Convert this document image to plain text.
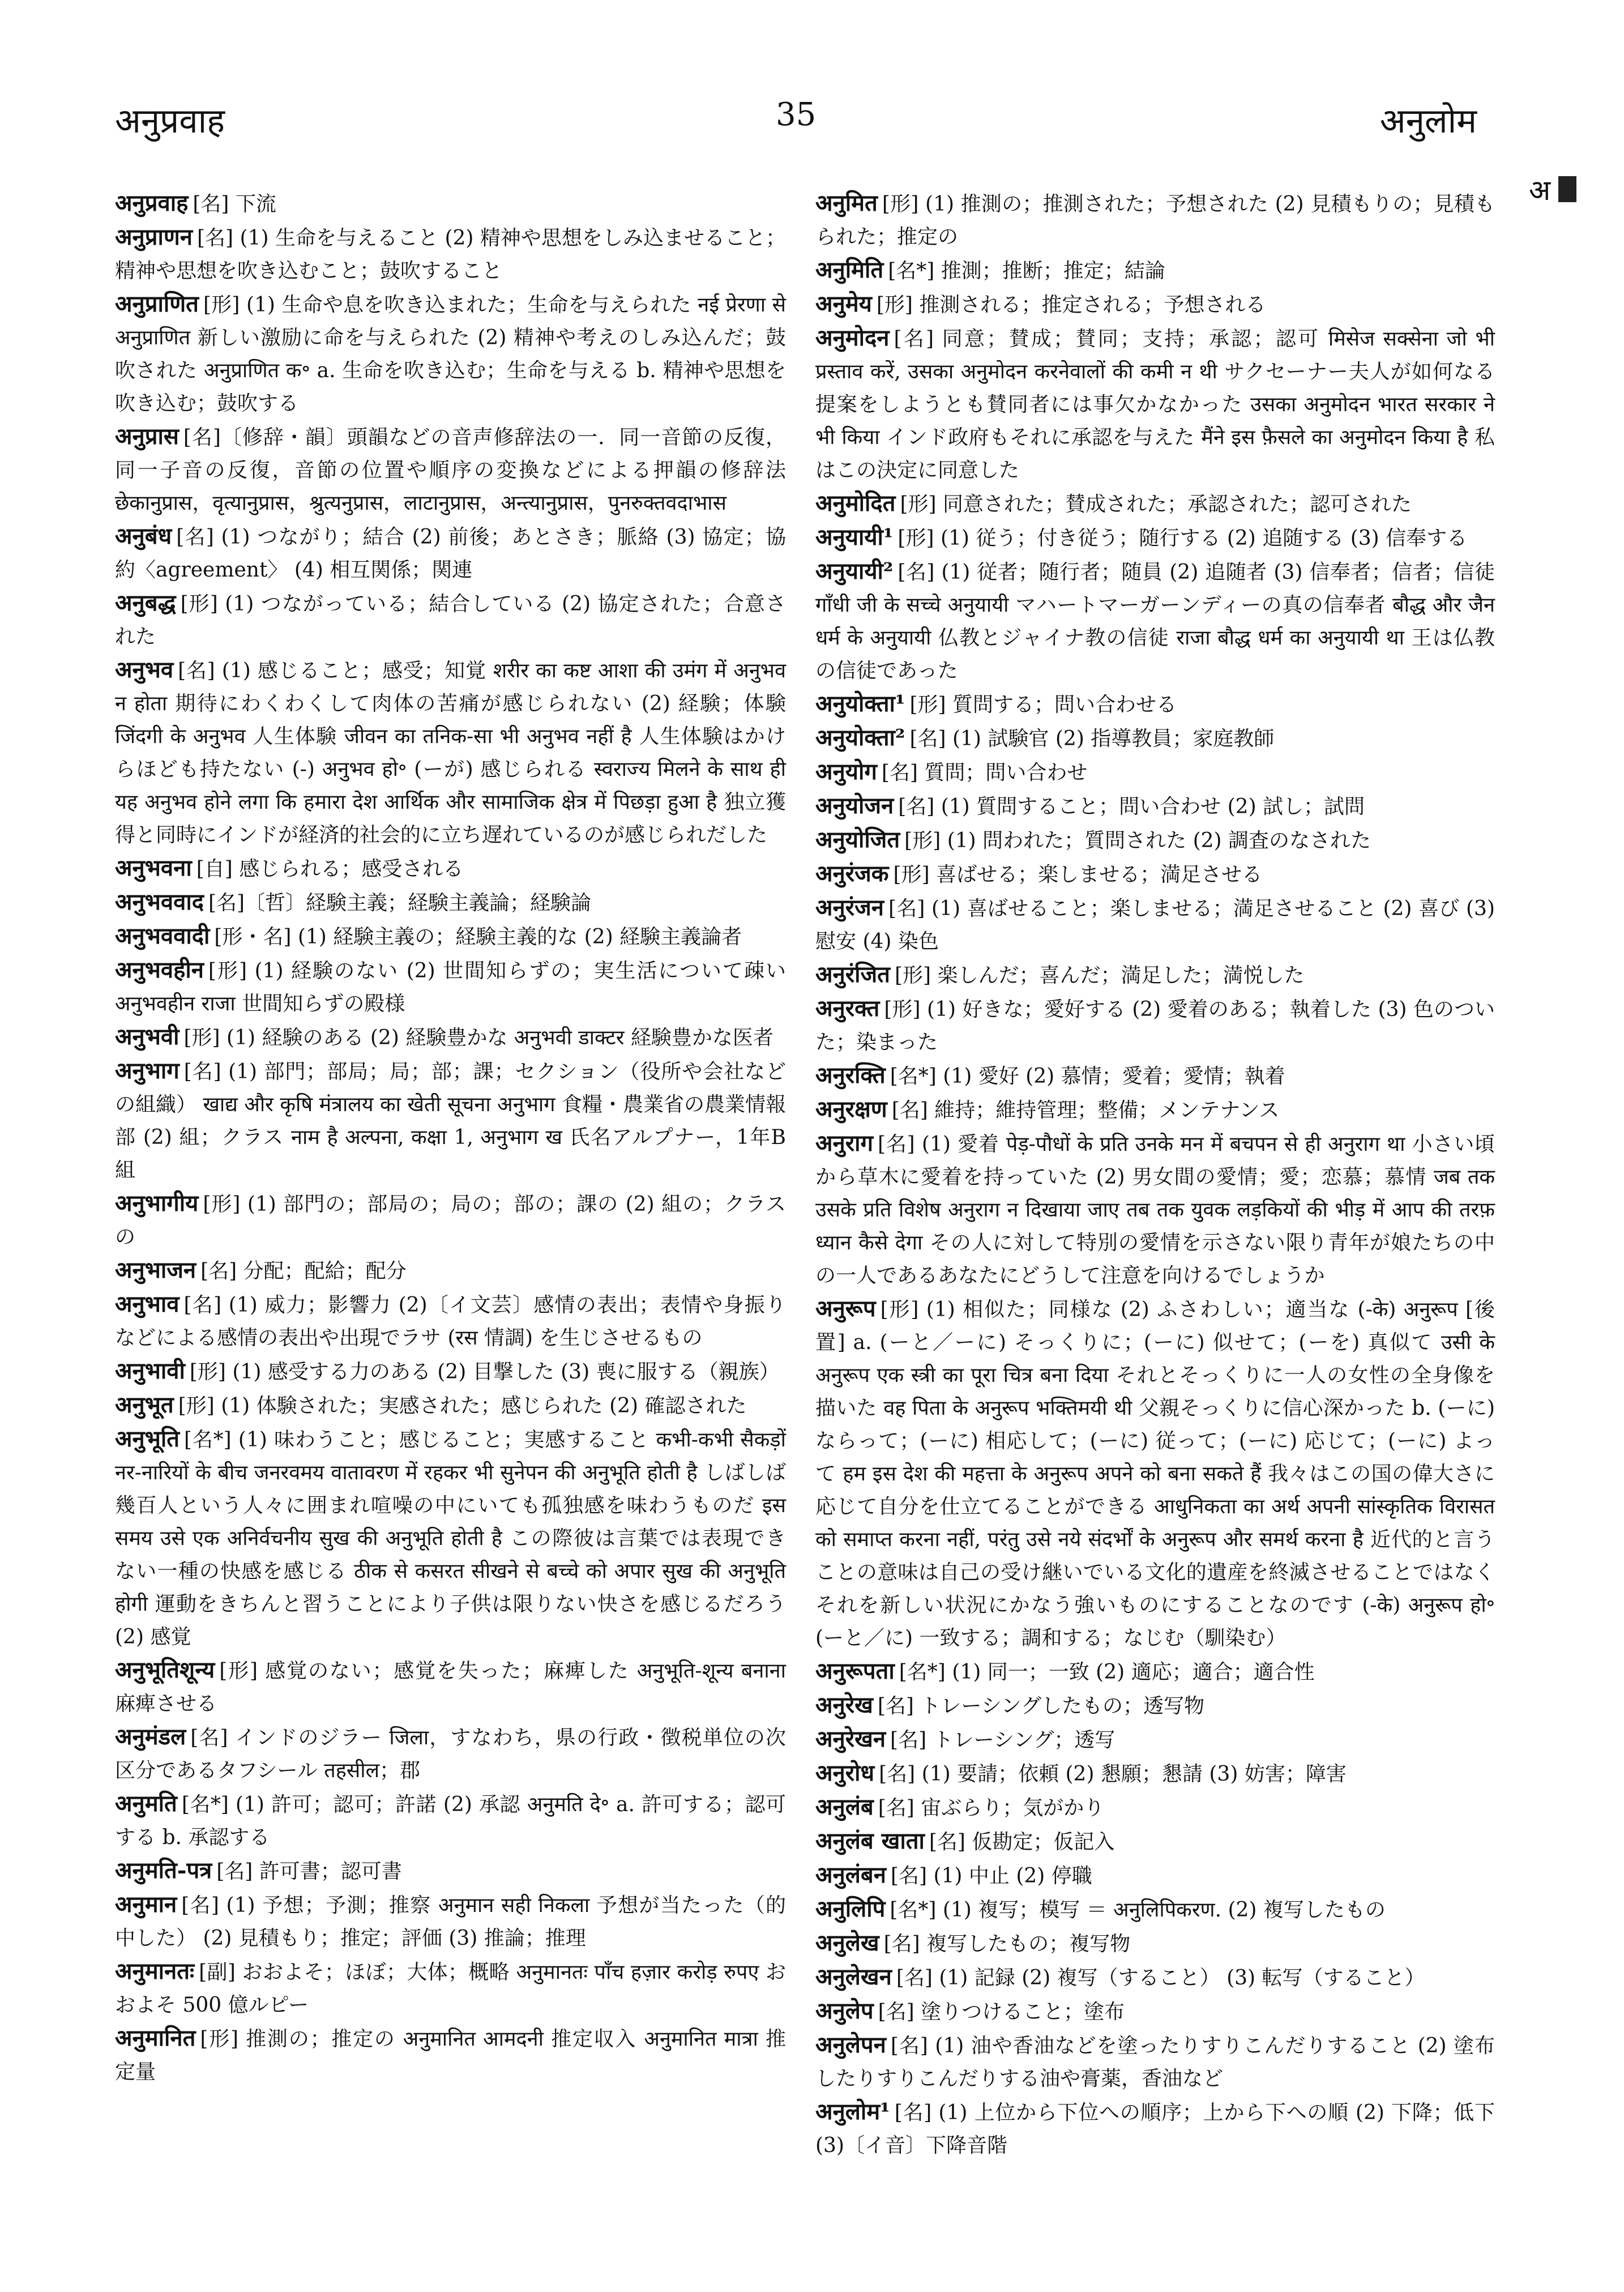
अनुप्रवाह	35	अनुलोम
अ

अनुप्रवाह [名] 下流

अनुप्राणन [名] (1) 生命を与えること (2) 精神や思想をしみ込ませること；精神や思想を吹き込むこと；鼓吹すること

अनुप्राणित [形] (1) 生命や息を吹き込まれた；生命を与えられた नई प्रेरणा से अनुप्राणित 新しい激励に命を与えられた (2) 精神や考えのしみ込んだ；鼓吹された अनुप्राणित क॰ a. 生命を吹き込む；生命を与える b. 精神や思想を吹き込む；鼓吹する

अनुप्रास [名]〔修辞・韻〕頭韻などの音声修辞法の一．同一音節の反復，同一子音の反復，音節の位置や順序の変換などによる押韻の修辞法 छेकानुप्रास，वृत्यानुप्रास，श्रुत्यनुप्रास，लाटानुप्रास，अन्त्यानुप्रास，पुनरुक्तवदाभास

अनुबंध [名] (1) つながり；結合 (2) 前後；あとさき；脈絡 (3) 協定；協約〈agreement〉 (4) 相互関係；関連

अनुबद्ध [形] (1) つながっている；結合している (2) 協定された；合意された

अनुभव [名] (1) 感じること；感受；知覚 शरीर का कष्ट आशा की उमंग में अनुभव न होता 期待にわくわくして肉体の苦痛が感じられない (2) 経験；体験 जिंदगी के अनुभव 人生体験 जीवन का तनिक-सा भी अनुभव नहीं है 人生体験はかけらほども持たない (-) अनुभव हो॰ (ーが) 感じられる स्वराज्य मिलने के साथ ही यह अनुभव होने लगा कि हमारा देश आर्थिक और सामाजिक क्षेत्र में पिछड़ा हुआ है 独立獲得と同時にインドが経済的社会的に立ち遅れているのが感じられだした

अनुभवना [自] 感じられる；感受される

अनुभववाद [名]〔哲〕経験主義；経験主義論；経験論

अनुभववादी [形・名] (1) 経験主義の；経験主義的な (2) 経験主義論者

अनुभवहीन [形] (1) 経験のない (2) 世間知らずの；実生活について疎い अनुभवहीन राजा 世間知らずの殿様

अनुभवी [形] (1) 経験のある (2) 経験豊かな अनुभवी डाक्टर 経験豊かな医者

अनुभाग [名] (1) 部門；部局；局；部；課；セクション（役所や会社などの組織） खाद्य और कृषि मंत्रालय का खेती सूचना अनुभाग 食糧・農業省の農業情報部 (2) 組；クラス नाम है अल्पना, कक्षा 1, अनुभाग ख 氏名アルプナー，1年B組

अनुभागीय [形] (1) 部門の；部局の；局の；部の；課の (2) 組の；クラスの

अनुभाजन [名] 分配；配給；配分

अनुभाव [名] (1) 威力；影響力 (2)〔イ文芸〕感情の表出；表情や身振りなどによる感情の表出や出現でラサ (रस 情調) を生じさせるもの

अनुभावी [形] (1) 感受する力のある (2) 目撃した (3) 喪に服する（親族）

अनुभूत [形] (1) 体験された；実感された；感じられた (2) 確認された

अनुभूति [名*] (1) 味わうこと；感じること；実感すること कभी-कभी सैकड़ों नर-नारियों के बीच जनरवमय वातावरण में रहकर भी सुनेपन की अनुभूति होती है しばしば幾百人という人々に囲まれ喧噪の中にいても孤独感を味わうものだ इस समय उसे एक अनिर्वचनीय सुख की अनुभूति होती है この際彼は言葉では表現できない一種の快感を感じる ठीक से कसरत सीखने से बच्चे को अपार सुख की अनुभूति होगी 運動をきちんと習うことにより子供は限りない快さを感じるだろう (2) 感覚

अनुभूतिशून्य [形] 感覚のない；感覚を失った；麻痺した अनुभूति-शून्य बनाना 麻痺させる

अनुमंडल [名] インドのジラー जिला，すなわち，県の行政・徴税単位の次区分であるタフシール तहसील；郡

अनुमति [名*] (1) 許可；認可；許諾 (2) 承認 अनुमति दे॰ a. 許可する；認可する b. 承認する

अनुमति-पत्र [名] 許可書；認可書

अनुमान [名] (1) 予想；予測；推察 अनुमान सही निकला 予想が当たった（的中した） (2) 見積もり；推定；評価 (3) 推論；推理

अनुमानतः [副] おおよそ；ほぼ；大体；概略 अनुमानतः पाँच हज़ार करोड़ रुपए おおよそ 500 億ルピー

अनुमानित [形] 推測の；推定の अनुमानित आमदनी 推定収入 अनुमानित मात्रा 推定量

अनुमित [形] (1) 推測の；推測された；予想された (2) 見積もりの；見積もられた；推定の

अनुमिति [名*] 推測；推断；推定；結論

अनुमेय [形] 推測される；推定される；予想される

अनुमोदन [名] 同意；賛成；賛同；支持；承認；認可 मिसेज सक्सेना जो भी प्रस्ताव करें, उसका अनुमोदन करनेवालों की कमी न थी サクセーナー夫人が如何なる提案をしようとも賛同者には事欠かなかった उसका अनुमोदन भारत सरकार ने भी किया インド政府もそれに承認を与えた मैंने इस फ़ैसले का अनुमोदन किया है 私はこの決定に同意した

अनुमोदित [形] 同意された；賛成された；承認された；認可された

अनुयायी¹ [形] (1) 従う；付き従う；随行する (2) 追随する (3) 信奉する

अनुयायी² [名] (1) 従者；随行者；随員 (2) 追随者 (3) 信奉者；信者；信徒 गाँधी जी के सच्चे अनुयायी マハートマーガーンディーの真の信奉者 बौद्ध और जैन धर्म के अनुयायी 仏教とジャイナ教の信徒 राजा बौद्ध धर्म का अनुयायी था 王は仏教の信徒であった

अनुयोक्ता¹ [形] 質問する；問い合わせる

अनुयोक्ता² [名] (1) 試験官 (2) 指導教員；家庭教師

अनुयोग [名] 質問；問い合わせ

अनुयोजन [名] (1) 質問すること；問い合わせ (2) 試し；試問

अनुयोजित [形] (1) 問われた；質問された (2) 調査のなされた

अनुरंजक [形] 喜ばせる；楽しませる；満足させる

अनुरंजन [名] (1) 喜ばせること；楽しませる；満足させること (2) 喜び (3) 慰安 (4) 染色

अनुरंजित [形] 楽しんだ；喜んだ；満足した；満悦した

अनुरक्त [形] (1) 好きな；愛好する (2) 愛着のある；執着した (3) 色のついた；染まった

अनुरक्ति [名*] (1) 愛好 (2) 慕情；愛着；愛情；執着

अनुरक्षण [名] 維持；維持管理；整備；メンテナンス

अनुराग [名] (1) 愛着 पेड़-पौधों के प्रति उनके मन में बचपन से ही अनुराग था 小さい頃から草木に愛着を持っていた (2) 男女間の愛情；愛；恋慕；慕情 जब तक उसके प्रति विशेष अनुराग न दिखाया जाए तब तक युवक लड़कियों की भीड़ में आप की तरफ़ ध्यान कैसे देगा その人に対して特別の愛情を示さない限り青年が娘たちの中の一人であるあなたにどうして注意を向けるでしょうか

अनुरूप [形] (1) 相似た；同様な (2) ふさわしい；適当な (-के) अनुरूप [後置] a. (ーと／ーに) そっくりに；(ーに) 似せて；(ーを) 真似て उसी के अनुरूप एक स्त्री का पूरा चित्र बना दिया それとそっくりに一人の女性の全身像を描いた वह पिता के अनुरूप भक्तिमयी थी 父親そっくりに信心深かった b. (ーに) ならって；(ーに) 相応して；(ーに) 従って；(ーに) 応じて；(ーに) よって हम इस देश की महत्ता के अनुरूप अपने को बना सकते हैं 我々はこの国の偉大さに応じて自分を仕立てることができる आधुनिकता का अर्थ अपनी सांस्कृतिक विरासत को समाप्त करना नहीं, परंतु उसे नये संदर्भों के अनुरूप और समर्थ करना है 近代的と言うことの意味は自己の受け継いでいる文化的遺産を終滅させることではなくそれを新しい状況にかなう強いものにすることなのです (-के) अनुरूप हो॰ (ーと／に) 一致する；調和する；なじむ（馴染む）

अनुरूपता [名*] (1) 同一；一致 (2) 適応；適合；適合性

अनुरेख [名] トレーシングしたもの；透写物

अनुरेखन [名] トレーシング；透写

अनुरोध [名] (1) 要請；依頼 (2) 懇願；懇請 (3) 妨害；障害

अनुलंब [名] 宙ぶらり；気がかり

अनुलंब खाता [名] 仮勘定；仮記入

अनुलंबन [名] (1) 中止 (2) 停職

अनुलिपि [名*] (1) 複写；模写 ＝ अनुलिपिकरण. (2) 複写したもの

अनुलेख [名] 複写したもの；複写物

अनुलेखन [名] (1) 記録 (2) 複写（すること） (3) 転写（すること）

अनुलेप [名] 塗りつけること；塗布

अनुलेपन [名] (1) 油や香油などを塗ったりすりこんだりすること (2) 塗布したりすりこんだりする油や膏薬，香油など

अनुलोम¹ [名] (1) 上位から下位への順序；上から下への順 (2) 下降；低下 (3)〔イ音〕下降音階
